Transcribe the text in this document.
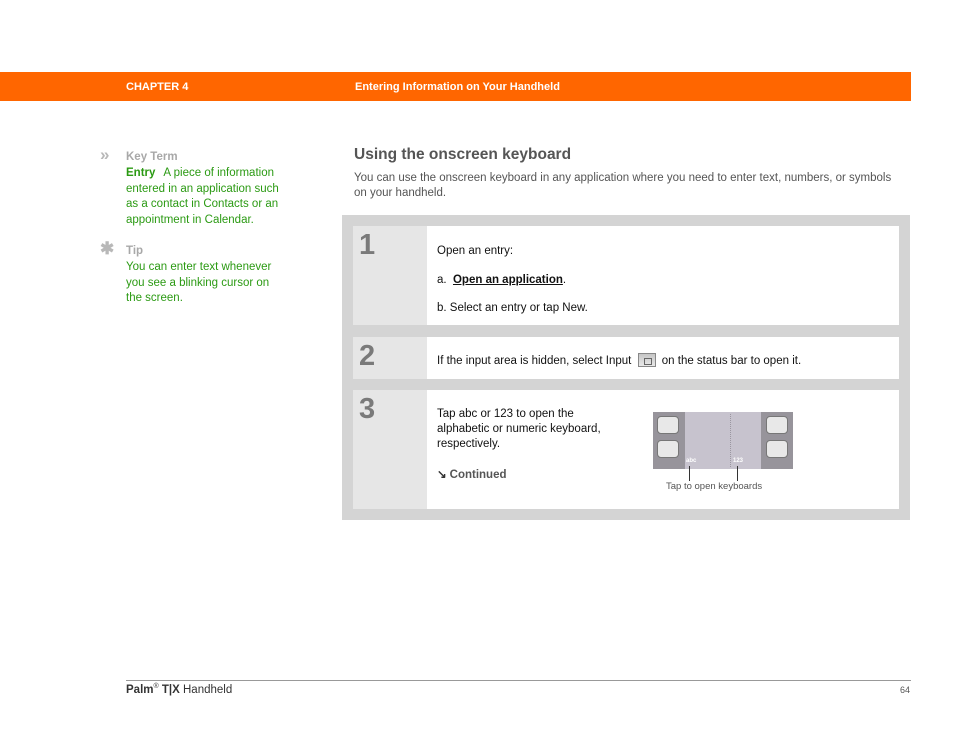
CHAPTER 4	Entering Information on Your Handheld
» Key Term
Entry A piece of information entered in an application such as a contact in Contacts or an appointment in Calendar.
✱ Tip
You can enter text whenever you see a blinking cursor on the screen.
Using the onscreen keyboard
You can use the onscreen keyboard in any application where you need to enter text, numbers, or symbols on your handheld.
1	Open an entry:
a. Open an application.
b. Select an entry or tap New.
2	If the input area is hidden, select Input	on the status bar to open it.
3	Tap abc or 123 to open the alphabetic or numeric keyboard, respectively.
↘ Continued
abc	123
Tap to open keyboards
Palm® T|X Handheld	64
